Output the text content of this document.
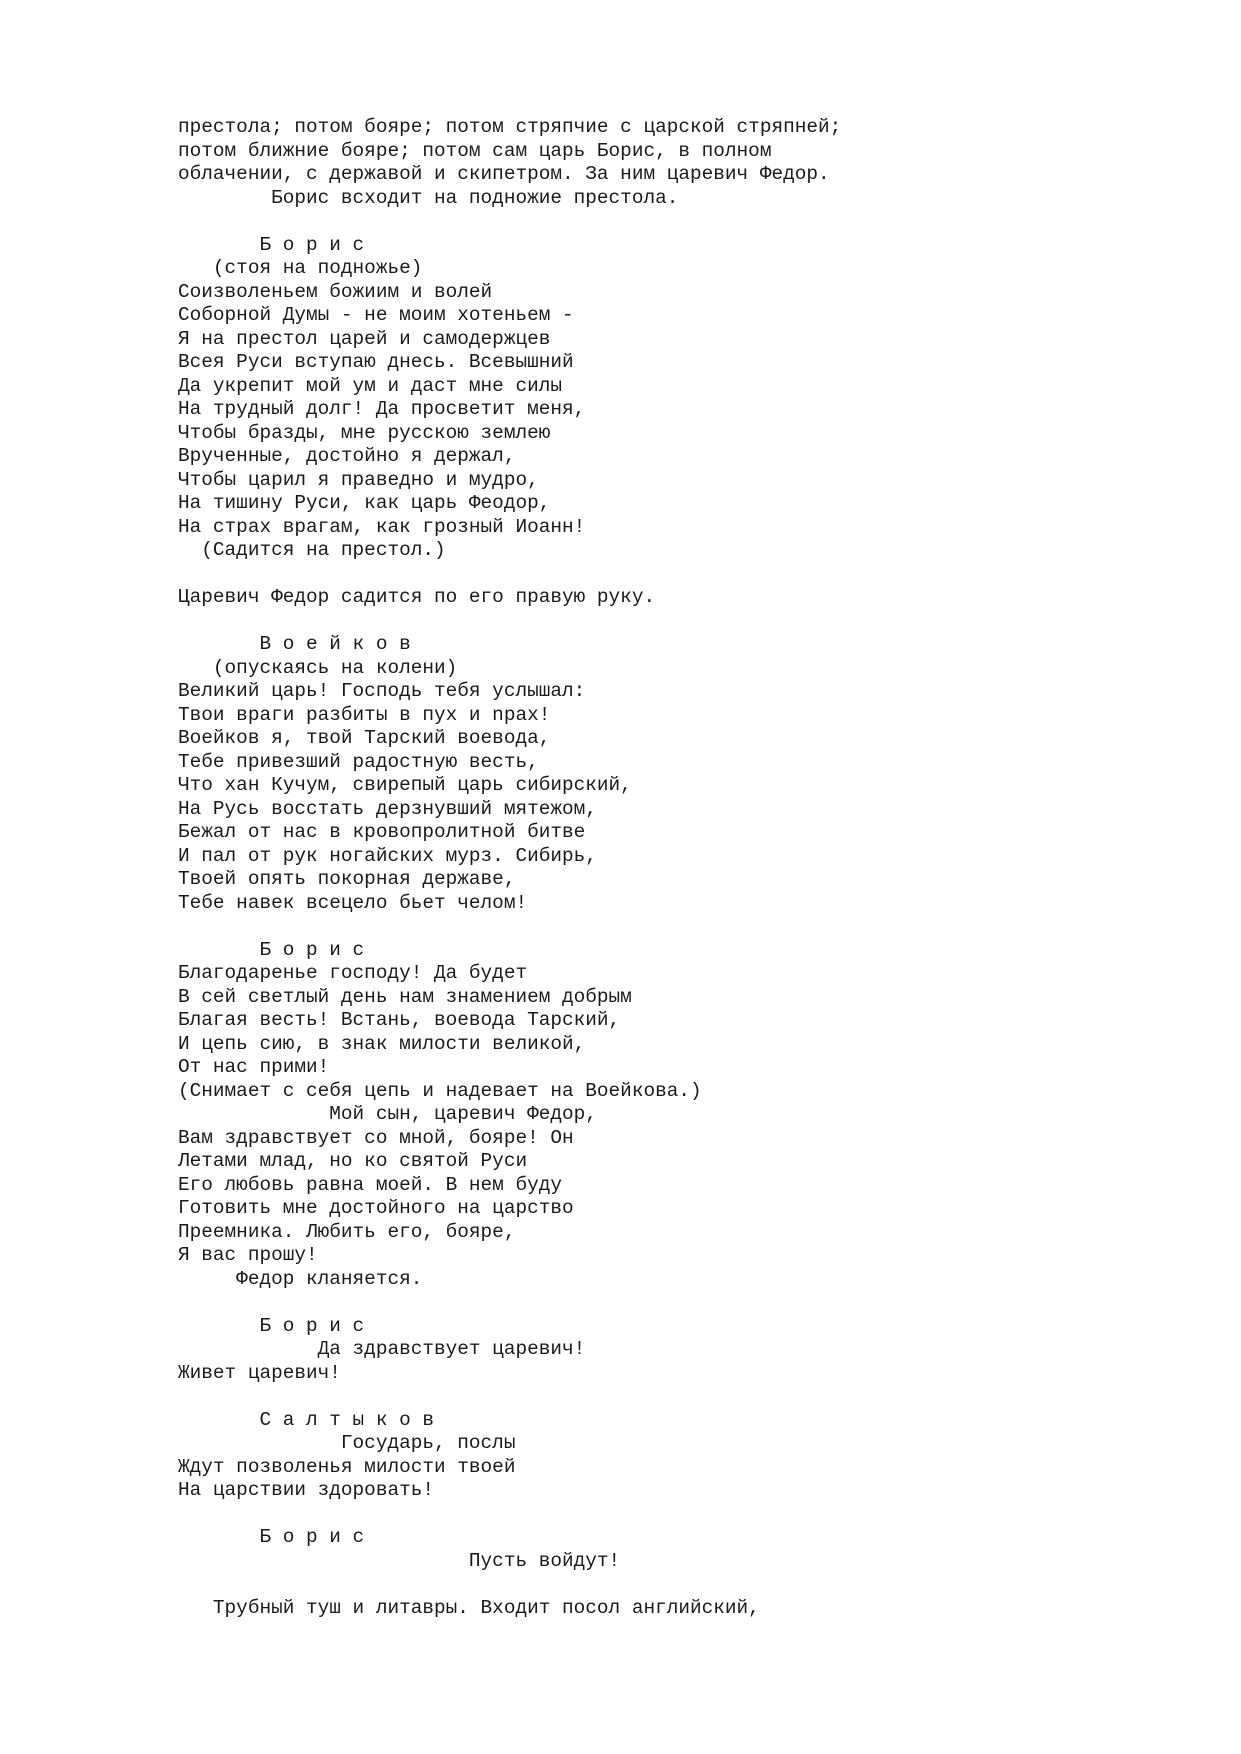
престола; потом бояре; потом стряпчие с царской стряпней;
потом ближние бояре; потом сам царь Борис, в полном
облачении, с державой и скипетром. За ним царевич Федор.
Борис всходит на подножие престола.
Б о р и с
(стоя на подножье)
Соизволеньем божиим и волей
Соборной Думы - не моим хотеньем -
Я на престол царей и самодержцев
Всея Руси вступаю днесь. Всевышний
Да укрепит мой ум и даст мне силы
На трудный долг! Да просветит меня,
Чтобы бразды, мне русскою землею
Врученные, достойно я держал,
Чтобы царил я праведно и мудро,
На тишину Руси, как царь Феодор,
На страх врагам, как грозный Иоанн!
(Садится на престол.)
Царевич Федор садится по его правую руку.
В о е й к о в
(опускаясь на колени)
Великий царь! Господь тебя услышал:
Твои враги разбиты в пух и nрах!
Воейков я, твой Тарский воевода,
Тебе привезший радостную весть,
Что хан Кучум, свирепый царь сибирский,
На Русь восстать дерзнувший мятежом,
Бежал от нас в кровопролитной битве
И пал от рук ногайских мурз. Сибирь,
Твоей опять покорная державе,
Тебе навек всецело бьет челом!
Б о р и с
Благодаренье господу! Да будет
В сей светлый день нам знамением добрым
Благая весть! Встань, воевода Тарский,
И цепь сию, в знак милости великой,
От нас прими!
(Снимает с себя цепь и надевает на Воейкова.)
Мой сын, царевич Федор,
Вам здравствует со мной, бояре! Он
Летами млад, но ко святой Руси
Его любовь равна моей. В нем буду
Готовить мне достойного на царство
Преемника. Любить его, бояре,
Я вас прошу!
Федор кланяется.
Б о р и с
Да здравствует царевич!
Живет царевич!
С а л т ы к о в
Государь, послы
Ждут позволенья милости твоей
На царствии здоровать!
Б о р и с
Пусть войдут!
Трубный туш и литавры. Входит посол английский,
